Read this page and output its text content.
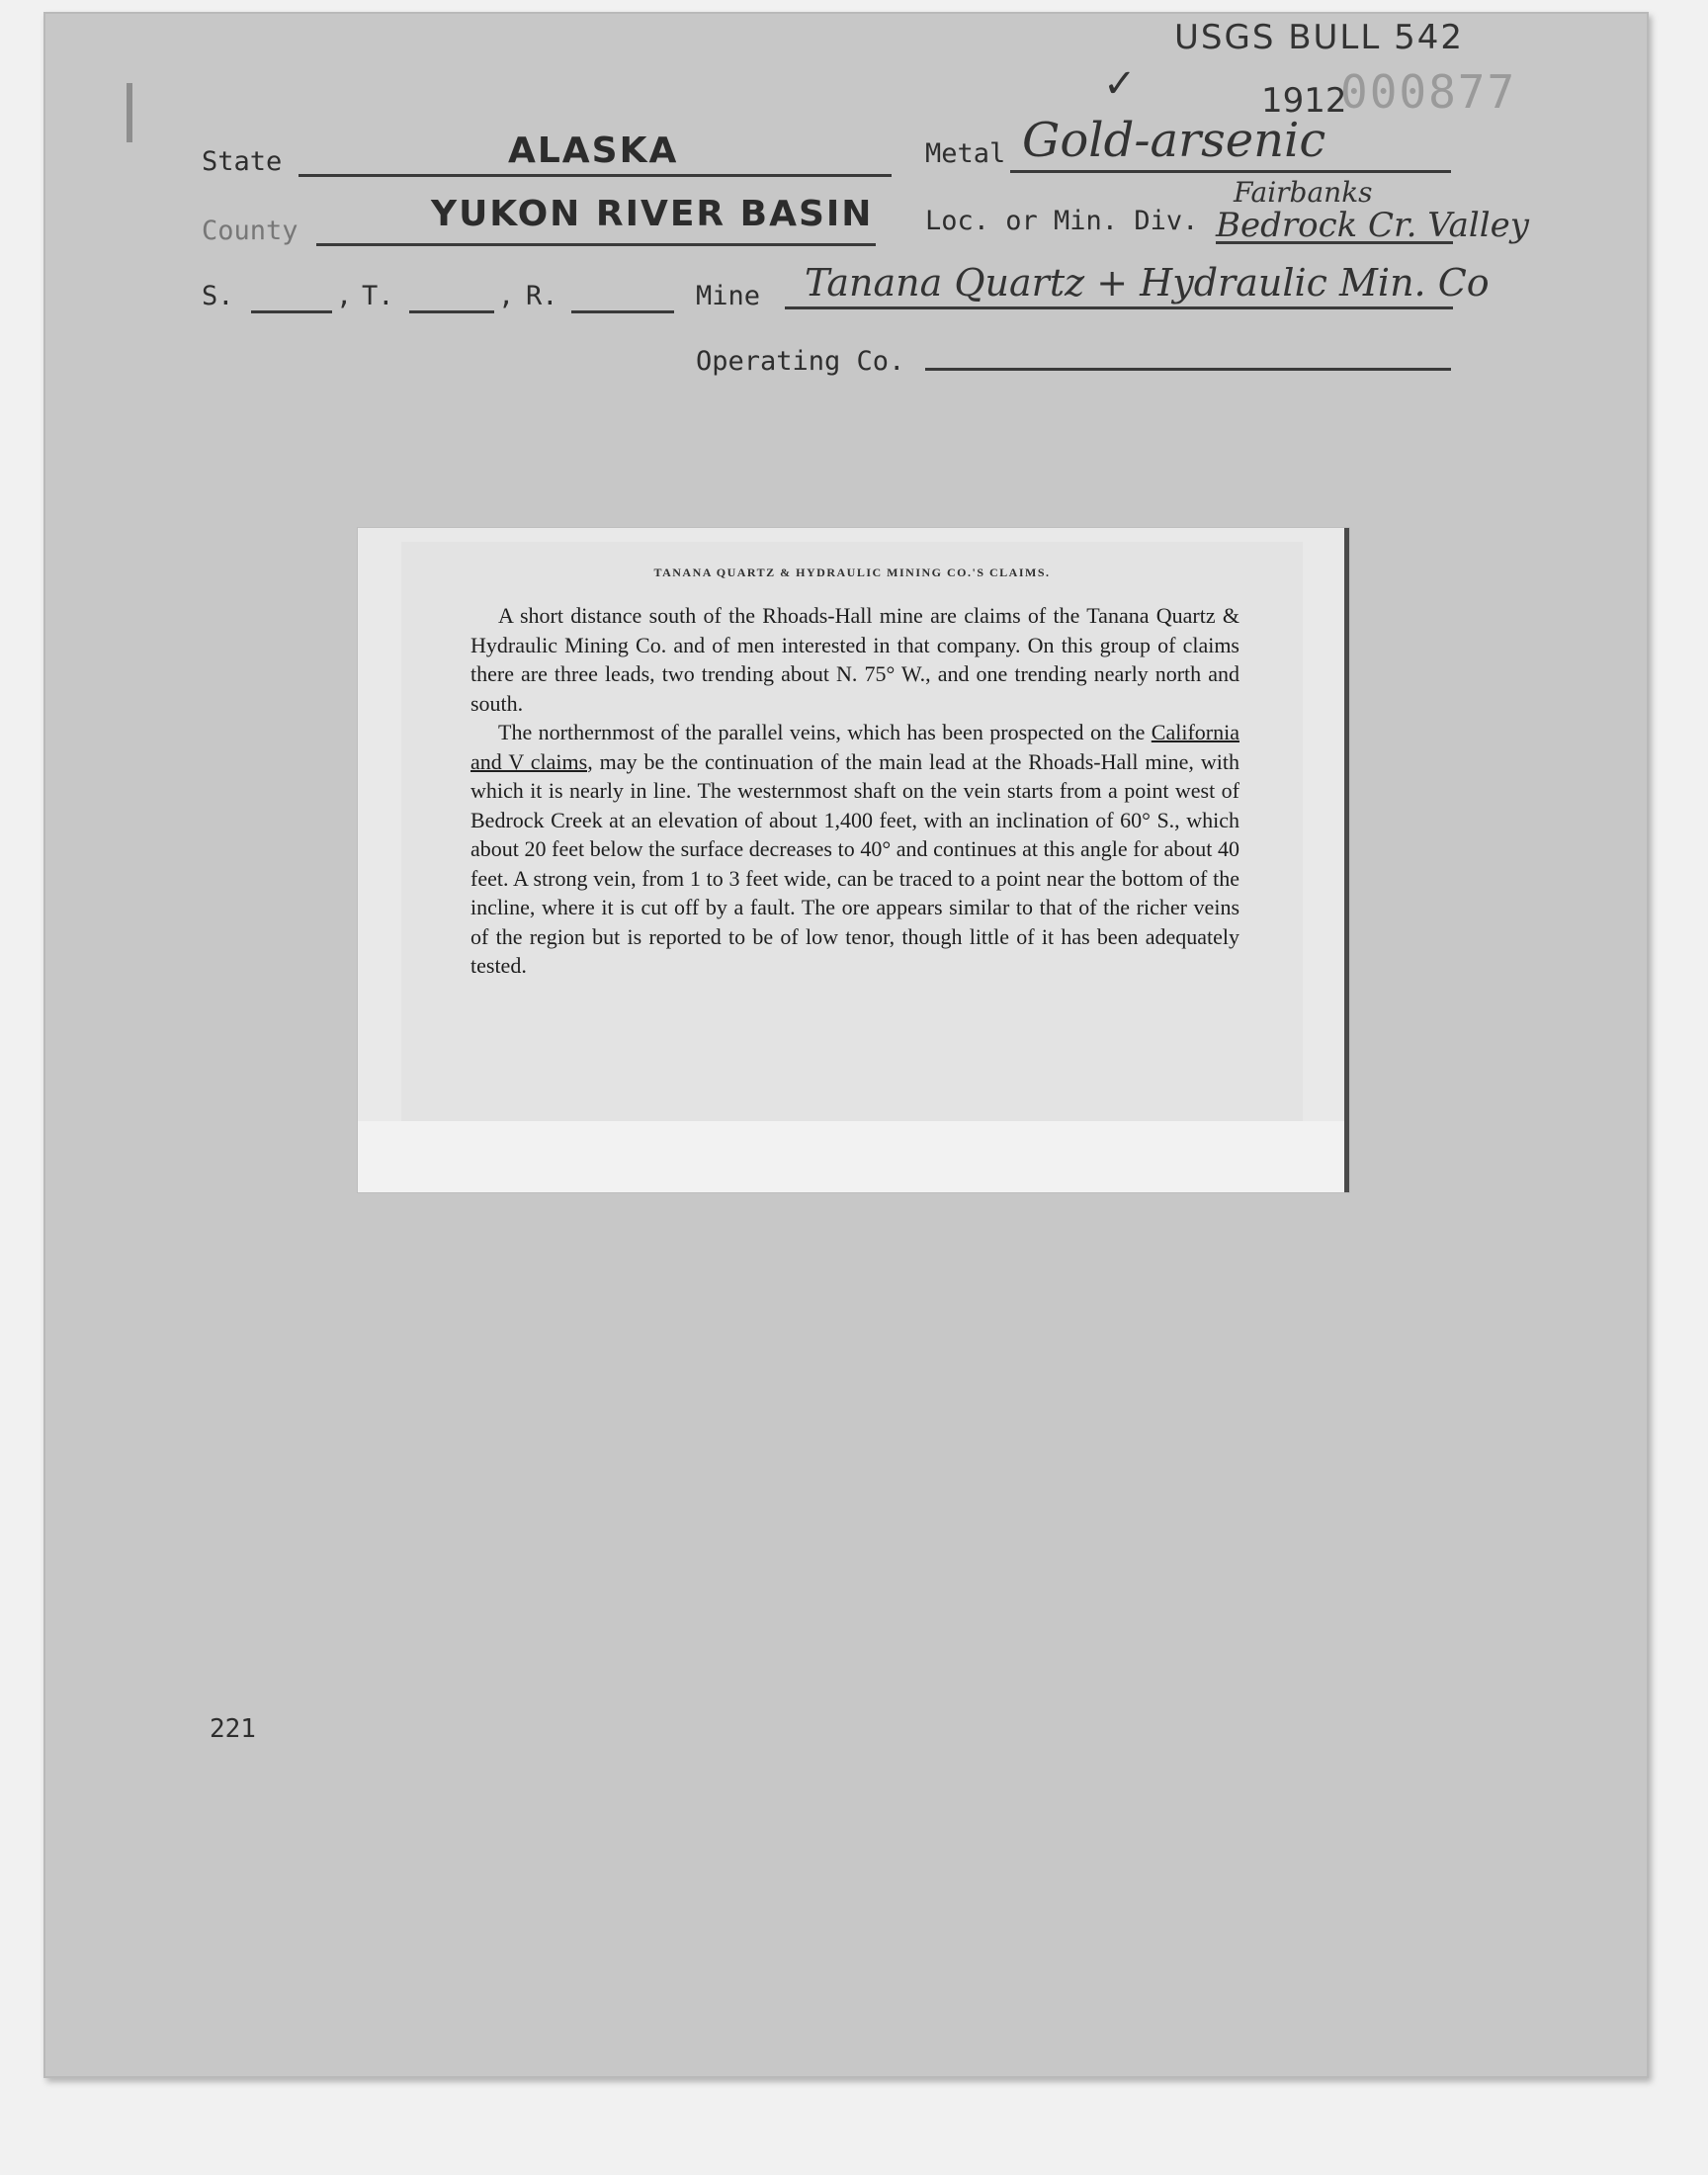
USGS BULL 542
✓	1912
000877
State	ALASKA	Metal Gold-arsenic
County	YUKON RIVER BASIN Loc. or Min. Div.
Fairbanks
Bedrock Cr. Valley
S.	, T.	, R.	Mine Tanana Quartz + Hydraulic Min. Co
Operating Co.
221
TANANA QUARTZ & HYDRAULIC MINING CO.'S CLAIMS.

A short distance south of the Rhoads-Hall mine are claims of the Tanana Quartz & Hydraulic Mining Co. and of men interested in that company. On this group of claims there are three leads, two trending about N. 75° W., and one trending nearly north and south.

The northernmost of the parallel veins, which has been prospected on the California and V claims, may be the continuation of the main lead at the Rhoads-Hall mine, with which it is nearly in line. The westernmost shaft on the vein starts from a point west of Bedrock Creek at an elevation of about 1,400 feet, with an inclination of 60° S., which about 20 feet below the surface decreases to 40° and continues at this angle for about 40 feet. A strong vein, from 1 to 3 feet wide, can be traced to a point near the bottom of the incline, where it is cut off by a fault. The ore appears similar to that of the richer veins of the region but is reported to be of low tenor, though little of it has been adequately tested.
